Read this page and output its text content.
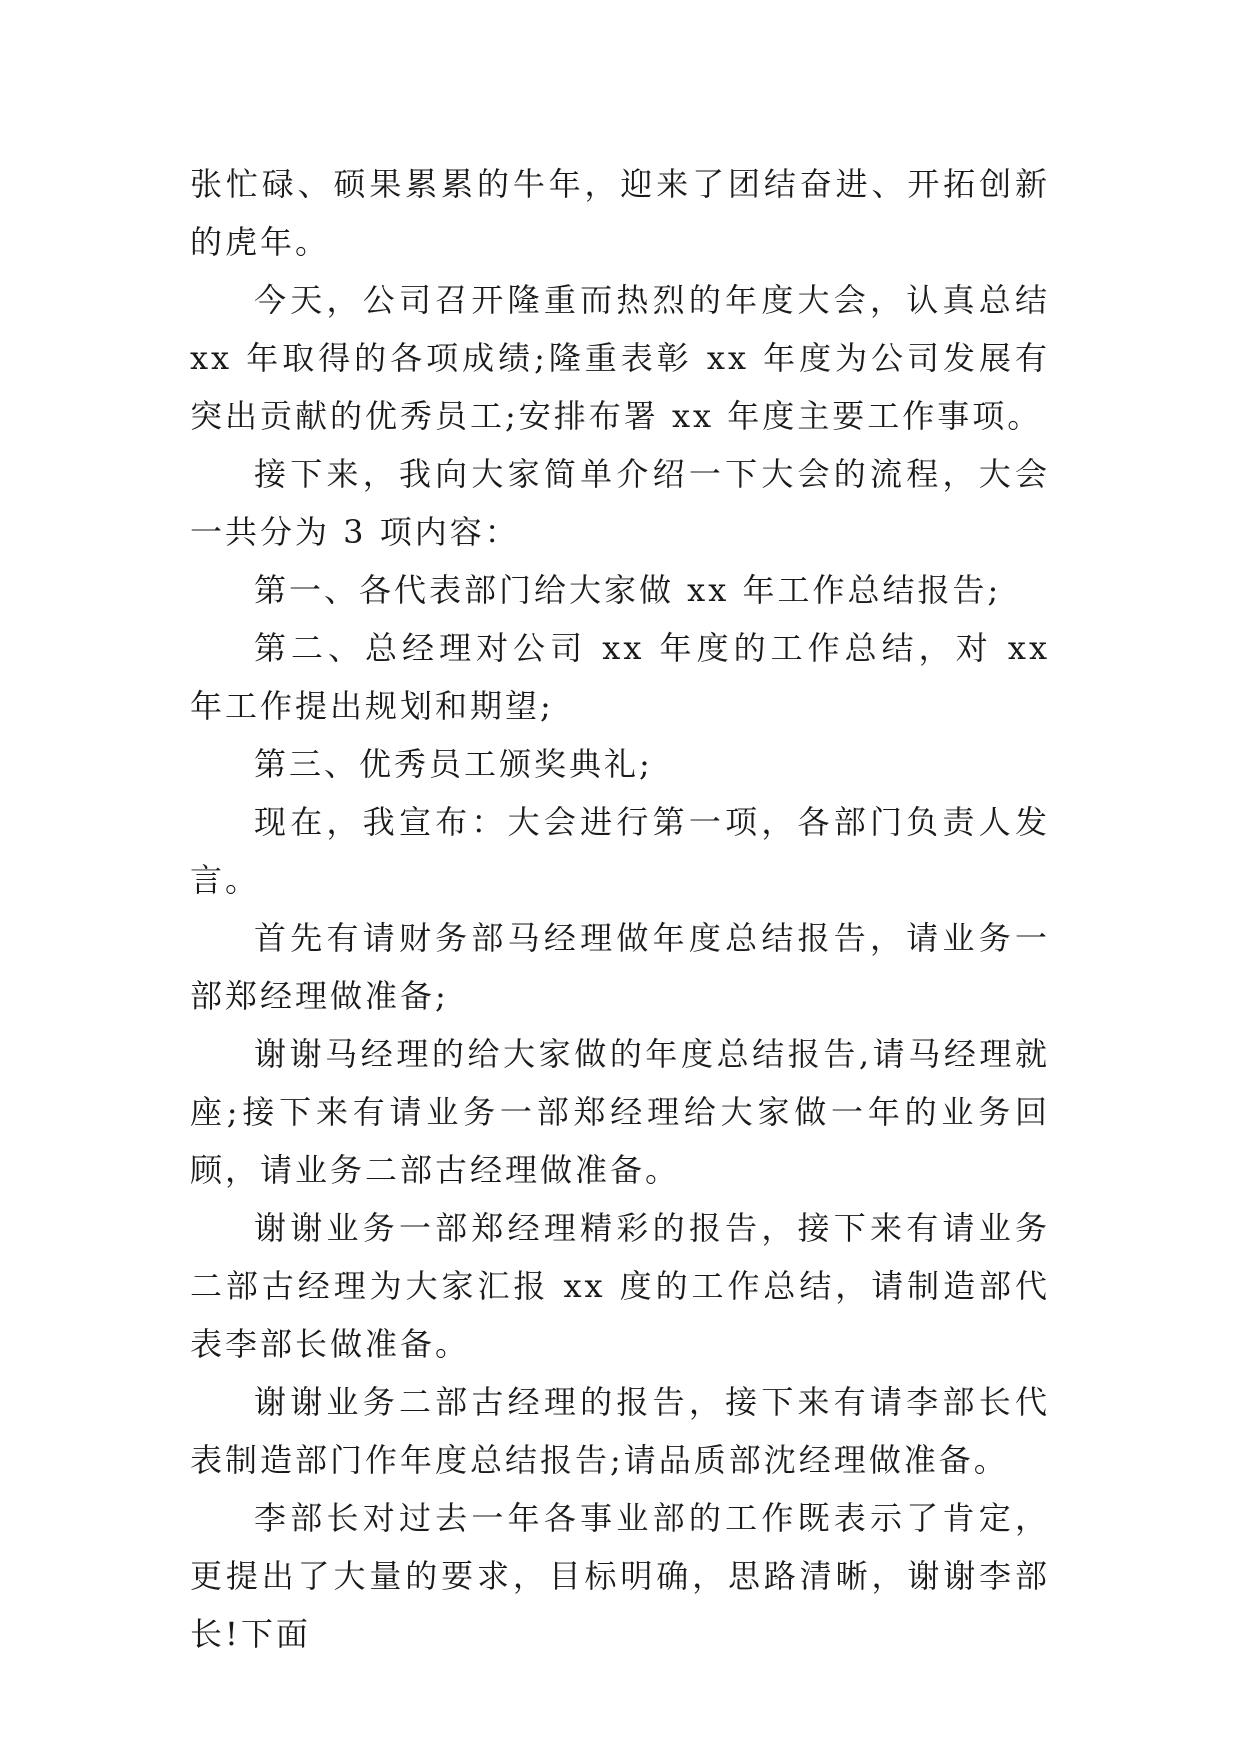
张忙碌、硕果累累的牛年，迎来了团结奋进、开拓创新的虎年。

今天，公司召开隆重而热烈的年度大会，认真总结 xx 年取得的各项成绩;隆重表彰 xx 年度为公司发展有突出贡献的优秀员工;安排布署 xx 年度主要工作事项。

接下来，我向大家简单介绍一下大会的流程，大会一共分为 3 项内容：

第一、各代表部门给大家做 xx 年工作总结报告;

第二、总经理对公司 xx 年度的工作总结，对 xx 年工作提出规划和期望;

第三、优秀员工颁奖典礼;

现在，我宣布：大会进行第一项，各部门负责人发言。

首先有请财务部马经理做年度总结报告，请业务一部郑经理做准备;

谢谢马经理的给大家做的年度总结报告,请马经理就座;接下来有请业务一部郑经理给大家做一年的业务回顾，请业务二部古经理做准备。

谢谢业务一部郑经理精彩的报告，接下来有请业务二部古经理为大家汇报 xx 度的工作总结，请制造部代表李部长做准备。

谢谢业务二部古经理的报告，接下来有请李部长代表制造部门作年度总结报告;请品质部沈经理做准备。

李部长对过去一年各事业部的工作既表示了肯定，更提出了大量的要求，目标明确，思路清晰，谢谢李部长!下面
